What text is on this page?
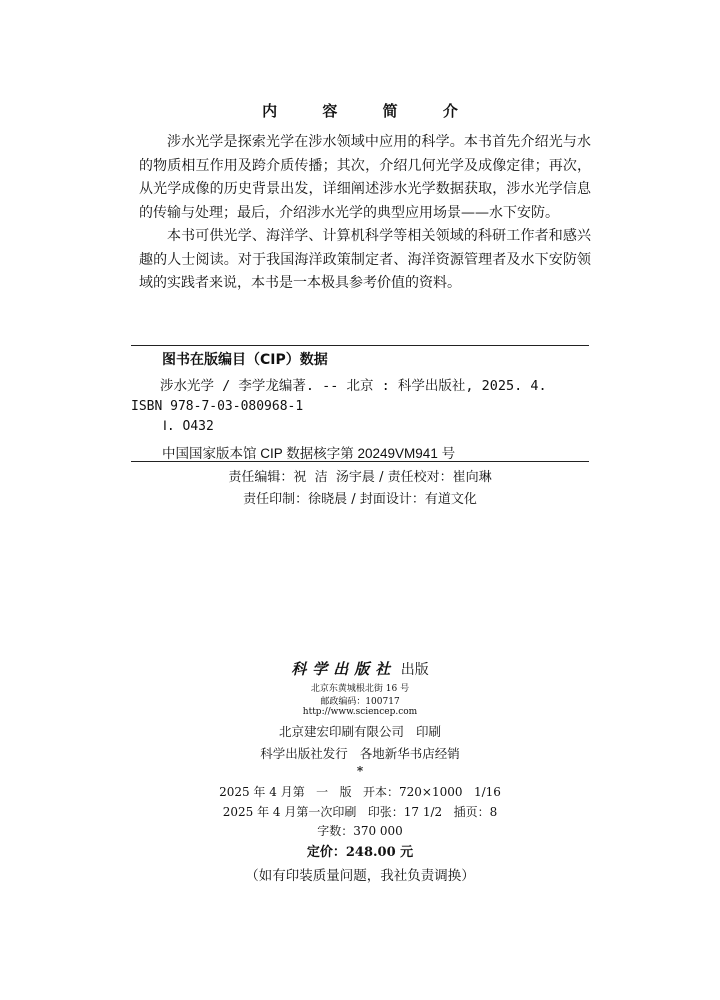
内 容 简 介

涉水光学是探索光学在涉水领域中应用的科学。本书首先介绍光与水的物质相互作用及跨介质传播；其次，介绍几何光学及成像定律；再次，从光学成像的历史背景出发，详细阐述涉水光学数据获取，涉水光学信息的传输与处理；最后，介绍涉水光学的典型应用场景——水下安防。

本书可供光学、海洋学、计算机科学等相关领域的科研工作者和感兴趣的人士阅读。对于我国海洋政策制定者、海洋资源管理者及水下安防领域的实践者来说，本书是一本极具参考价值的资料。

图书在版编目（CIP）数据
涉水光学 / 李学龙编著. -- 北京 : 科学出版社, 2025. 4.
ISBN 978-7-03-080968-1
Ⅰ. O432
中国国家版本馆 CIP 数据核字第 20249VM941 号
责任编辑：祝  洁  汤宇晨 / 责任校对：崔向琳
责任印制：徐晓晨 / 封面设计：有道文化
科学出版社 出版
北京东黄城根北街 16 号
邮政编码：100717
http://www.sciencep.com
北京建宏印刷有限公司   印刷
科学出版社发行   各地新华书店经销
*
2025 年 4 月第   一   版   开本：720×1000   1/16
2025 年 4 月第一次印刷   印张：17 1/2   插页：8
字数：370 000
定价：248.00 元
（如有印装质量问题，我社负责调换）
